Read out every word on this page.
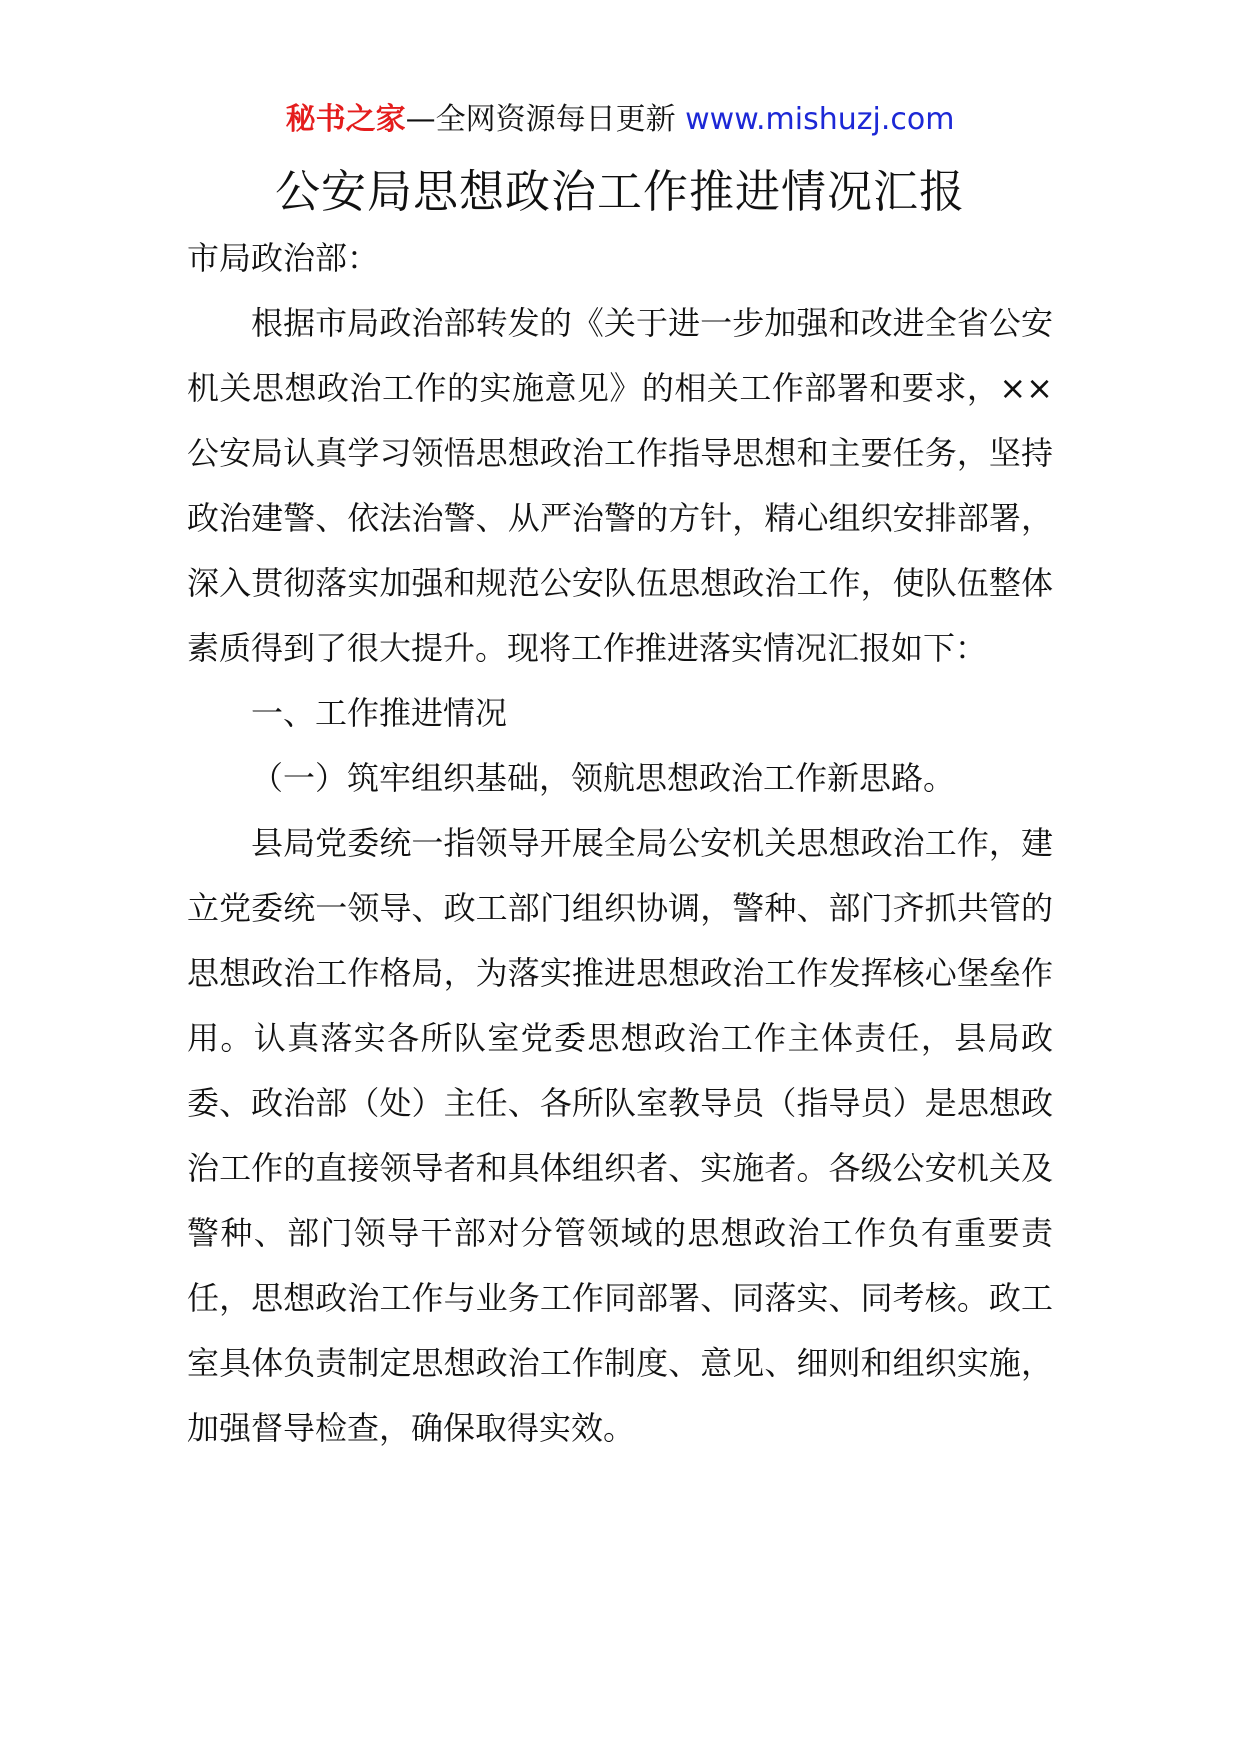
秘书之家—全网资源每日更新 www.mishuzj.com
公安局思想政治工作推进情况汇报

市局政治部：

根据市局政治部转发的《关于进一步加强和改进全省公安机关思想政治工作的实施意见》的相关工作部署和要求，××公安局认真学习领悟思想政治工作指导思想和主要任务，坚持政治建警、依法治警、从严治警的方针，精心组织安排部署，深入贯彻落实加强和规范公安队伍思想政治工作，使队伍整体素质得到了很大提升。现将工作推进落实情况汇报如下：

一、工作推进情况

（一）筑牢组织基础，领航思想政治工作新思路。

县局党委统一指领导开展全局公安机关思想政治工作，建立党委统一领导、政工部门组织协调，警种、部门齐抓共管的思想政治工作格局，为落实推进思想政治工作发挥核心堡垒作用。认真落实各所队室党委思想政治工作主体责任，县局政委、政治部（处）主任、各所队室教导员（指导员）是思想政治工作的直接领导者和具体组织者、实施者。各级公安机关及警种、部门领导干部对分管领域的思想政治工作负有重要责任，思想政治工作与业务工作同部署、同落实、同考核。政工室具体负责制定思想政治工作制度、意见、细则和组织实施，加强督导检查，确保取得实效。
